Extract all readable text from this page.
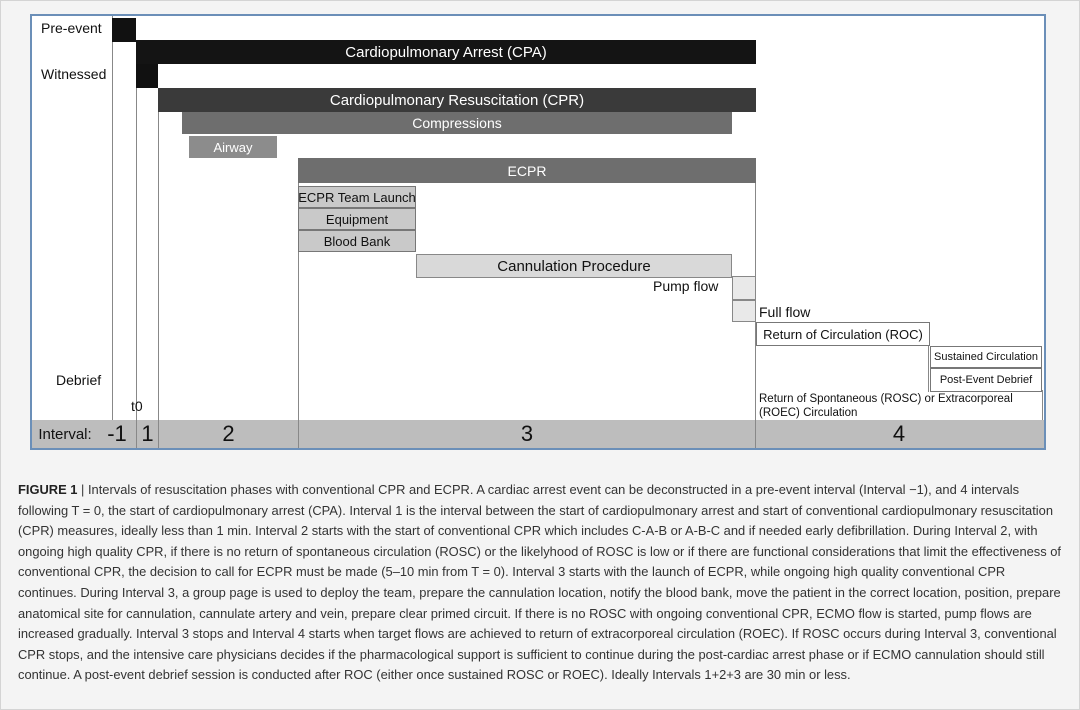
Pre-event
Witnessed
Debrief
t0
Cardiopulmonary Arrest (CPA)
Cardiopulmonary Resuscitation (CPR)
Compressions
Airway
ECPR
ECPR Team Launch
Equipment
Blood Bank
Cannulation Procedure
Pump flow
Full flow
Return of Circulation (ROC)
Sustained Circulation
Post-Event Debrief
Return of Spontaneous (ROSC) or Extracorporeal (ROEC) Circulation
Interval: -1 1	2	3	4
FIGURE 1 | Intervals of resuscitation phases with conventional CPR and ECPR. A cardiac arrest event can be deconstructed in a pre-event interval (Interval −1), and 4 intervals following T = 0, the start of cardiopulmonary arrest (CPA). Interval 1 is the interval between the start of cardiopulmonary arrest and start of conventional cardiopulmonary resuscitation (CPR) measures, ideally less than 1 min. Interval 2 starts with the start of conventional CPR which includes C-A-B or A-B-C and if needed early defibrillation. During Interval 2, with ongoing high quality CPR, if there is no return of spontaneous circulation (ROSC) or the likelyhood of ROSC is low or if there are functional considerations that limit the effectiveness of conventional CPR, the decision to call for ECPR must be made (5–10 min from T = 0). Interval 3 starts with the launch of ECPR, while ongoing high quality conventional CPR continues. During Interval 3, a group page is used to deploy the team, prepare the cannulation location, notify the blood bank, move the patient in the correct location, position, prepare anatomical site for cannulation, cannulate artery and vein, prepare clear primed circuit. If there is no ROSC with ongoing conventional CPR, ECMO flow is started, pump flows are increased gradually. Interval 3 stops and Interval 4 starts when target flows are achieved to return of extracorporeal circulation (ROEC). If ROSC occurs during Interval 3, conventional CPR stops, and the intensive care physicians decides if the pharmacological support is sufficient to continue during the post-cardiac arrest phase or if ECMO cannulation should still continue. A post-event debrief session is conducted after ROC (either once sustained ROSC or ROEC). Ideally Intervals 1+2+3 are 30 min or less.
